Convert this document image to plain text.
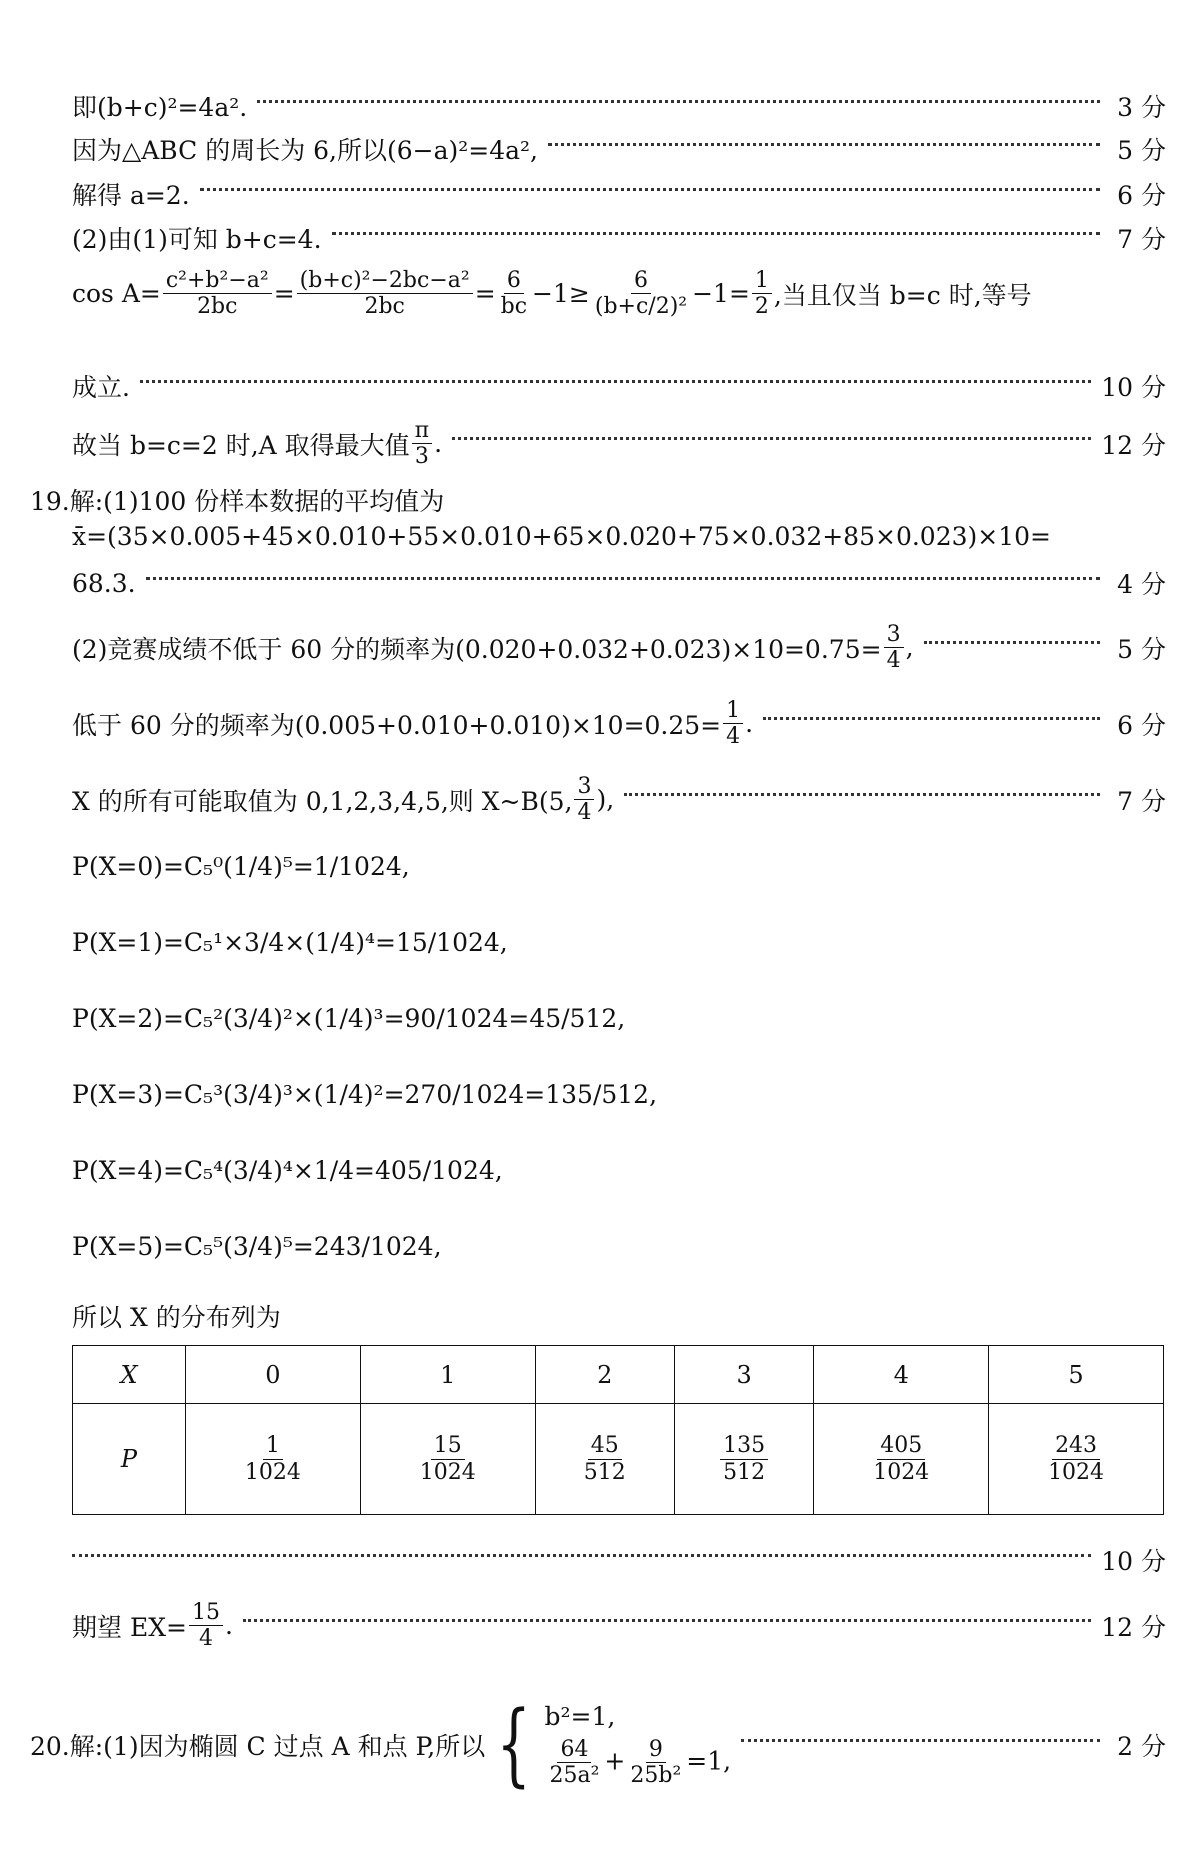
即(b+c)²=4a².	3 分
因为△ABC 的周长为 6,所以(6−a)²=4a²,	5 分
解得 a=2.	6 分
(2)由(1)可知 b+c=4.	7 分
$\cos A= \frac{\text{c²+b²−a²}}{2bc} = \frac{\text{(b+c)²−2bc−a²}}{2bc} = \frac{6}{bc} -1\ge \frac{6}{\text{(b+c/2)²}} -1= \frac{1}{2}$ ,当且仅当 b=c 时,等号
成立.	10 分
故当 b=c=2 时,A 取得最大值 $\frac{\pi}{3}$ .	12 分
19.解:(1)100 份样本数据的平均值为
x̄=(35×0.005+45×0.010+55×0.010+65×0.020+75×0.032+85×0.023)×10=
68.3.	4 分
(2)竞赛成绩不低于 60 分的频率为$(0.020+0.032+0.023)\times 10=0.75= \frac{3}{4}$ ,	5 分
低于 60 分的频率为$(0.005+0.010+0.010)\times 10=0.25= \frac{1}{4}$ .	6 分
X 的所有可能取值为 0,1,2,3,4,5,则 X~B(5, $\frac{3}{4}$ ),	7 分
P(X=0)=C₅⁰(1/4)⁵=1/1024,
P(X=1)=C₅¹×3/4×(1/4)⁴=15/1024,
P(X=2)=C₅²(3/4)²×(1/4)³=90/1024=45/512,
P(X=3)=C₅³(3/4)³×(1/4)²=270/1024=135/512,
P(X=4)=C₅⁴(3/4)⁴×1/4=405/1024,
P(X=5)=C₅⁵(3/4)⁵=243/1024,
所以 X 的分布列为
X	0	1	2	3	4	5
P	$\frac{1}{1024}$	$\frac{15}{1024}$	$\frac{45}{512}$	$\frac{135}{512}$	$\frac{405}{1024}$	$\frac{243}{1024}$
10 分
期望 $EX= \frac{15}{4}$ .	12 分
20.解:(1)因为椭圆 C 过点 A 和点 P,所以 { b²=1,
$\frac{64}{\text{25a²}} + \frac{9}{\text{25b²}} =1$,	2 分
